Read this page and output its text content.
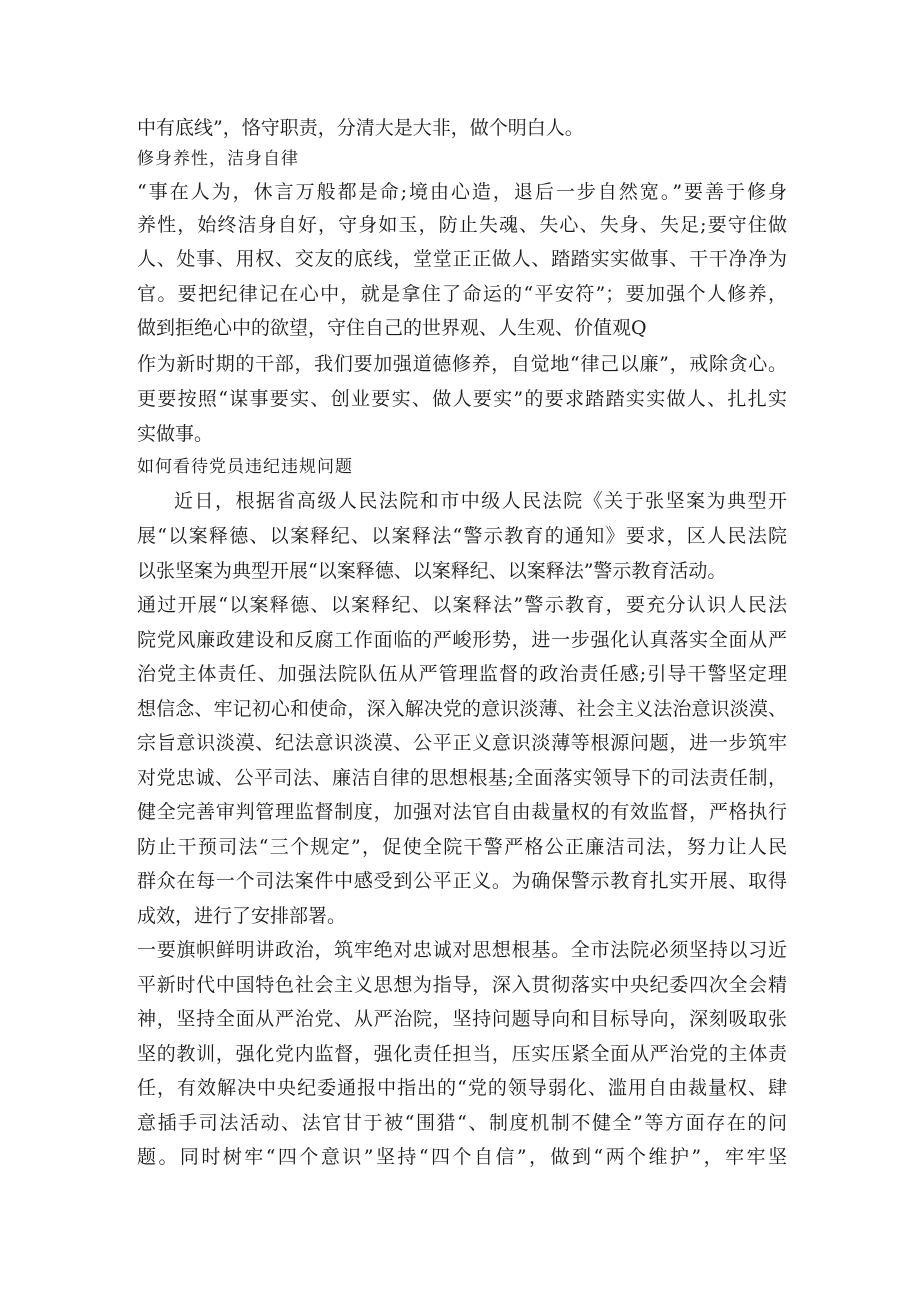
中有底线”，恪守职责，分清大是大非，做个明白人。
修身养性，洁身自律
“事在人为，休言万般都是命;境由心造，退后一步自然宽。”要善于修身
养性，始终洁身自好，守身如玉，防止失魂、失心、失身、失足;要守住做
人、处事、用权、交友的底线，堂堂正正做人、踏踏实实做事、干干净净为
官。要把纪律记在心中，就是拿住了命运的“平安符”；要加强个人修养，
做到拒绝心中的欲望，守住自己的世界观、人生观、价值观Q
作为新时期的干部，我们要加强道德修养，自觉地“律己以廉”，戒除贪心。
更要按照“谋事要实、创业要实、做人要实”的要求踏踏实实做人、扎扎实
实做事。
如何看待党员违纪违规问题
近日，根据省高级人民法院和市中级人民法院《关于张坚案为典型开
展“以案释德、以案释纪、以案释法“警示教育的通知》要求，区人民法院
以张坚案为典型开展“以案释德、以案释纪、以案释法”警示教育活动。
通过开展“以案释德、以案释纪、以案释法”警示教育，要充分认识人民法
院党风廉政建设和反腐工作面临的严峻形势，进一步强化认真落实全面从严
治党主体责任、加强法院队伍从严管理监督的政治责任感;引导干警坚定理
想信念、牢记初心和使命，深入解决党的意识淡薄、社会主义法治意识淡漠、
宗旨意识淡漠、纪法意识淡漠、公平正义意识淡薄等根源问题，进一步筑牢
对党忠诚、公平司法、廉洁自律的思想根基;全面落实领导下的司法责任制，
健全完善审判管理监督制度，加强对法官自由裁量权的有效监督，严格执行
防止干预司法“三个规定”，促使全院干警严格公正廉洁司法，努力让人民
群众在每一个司法案件中感受到公平正义。为确保警示教育扎实开展、取得
成效，进行了安排部署。
一要旗帜鲜明讲政治，筑牢绝对忠诚对思想根基。全市法院必须坚持以习近
平新时代中国特色社会主义思想为指导，深入贯彻落实中央纪委四次全会精
神，坚持全面从严治党、从严治院，坚持问题导向和目标导向，深刻吸取张
坚的教训，强化党内监督，强化责任担当，压实压紧全面从严治党的主体责
任，有效解决中央纪委通报中指出的“党的领导弱化、滥用自由裁量权、肆
意插手司法活动、法官甘于被“围猎“、制度机制不健全”等方面存在的问
题。同时树牢“四个意识”坚持“四个自信”，做到“两个维护”，牢牢坚
